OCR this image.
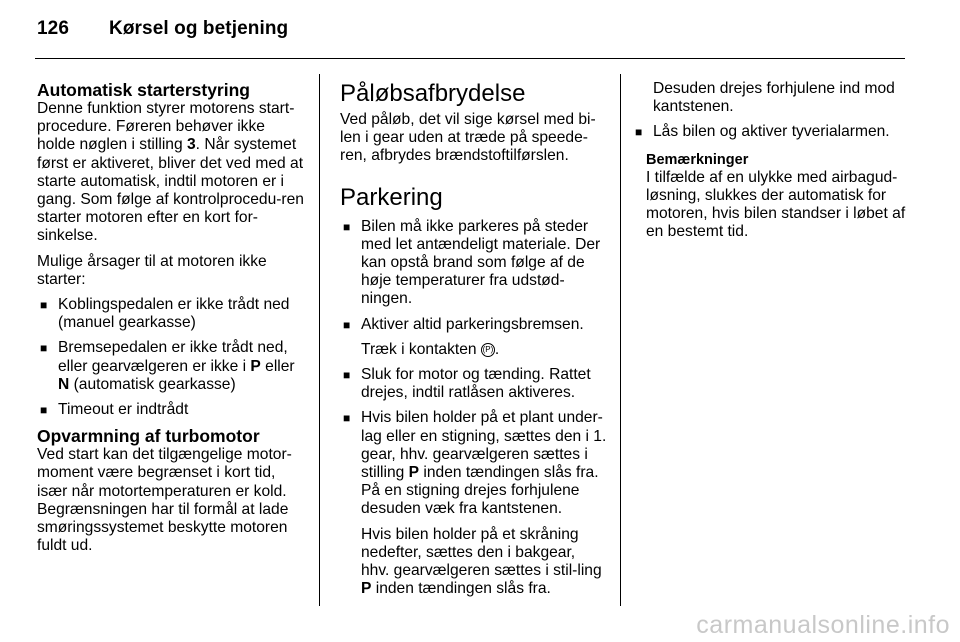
126 Kørsel og betjening
Automatisk starterstyring

Denne funktion styrer motorens start-procedure. Føreren behøver ikke holde nøglen i stilling 3. Når systemet først er aktiveret, bliver det ved med at starte automatisk, indtil motoren er i gang. Som følge af kontrolprocedu-ren starter motoren efter en kort for-sinkelse.

Mulige årsager til at motoren ikke starter:

■ Koblingspedalen er ikke trådt ned (manuel gearkasse)
■ Bremsepedalen er ikke trådt ned, eller gearvælgeren er ikke i P eller
N (automatisk gearkasse)
■ Timeout er indtrådt
Opvarmning af turbomotor

Ved start kan det tilgængelige motor-moment være begrænset i kort tid, især når motortemperaturen er kold. Begrænsningen har til formål at lade smøringssystemet beskytte motoren fuldt ud.

Påløbsafbrydelse

Ved påløb, det vil sige kørsel med bi-len i gear uden at træde på speede-ren, afbrydes brændstoftilførslen.

Parkering
■ Bilen må ikke parkeres på steder med let antændeligt materiale. Der kan opstå brand som følge af de høje temperaturer fra udstød-ningen.
■ Aktiver altid parkeringsbremsen.
Træk i kontakten (P) .
■ Sluk for motor og tænding. Rattet drejes, indtil ratlåsen aktiveres.
■ Hvis bilen holder på et plant under-lag eller en stigning, sættes den i 1. gear, hhv. gearvælgeren sættes i stilling P inden tændingen slås fra. På en stigning drejes forhjulene desuden væk fra kantstenen.
Hvis bilen holder på et skråning nedefter, sættes den i bakgear, hhv. gearvælgeren sættes i stil-ling P inden tændingen slås fra.

Desuden drejes forhjulene ind mod kantstenen.

■ Lås bilen og aktiver tyverialarmen.
Bemærkninger
I tilfælde af en ulykke med airbagud-løsning, slukkes der automatisk for motoren, hvis bilen standser i løbet af en bestemt tid.
carmanualsonline.info
